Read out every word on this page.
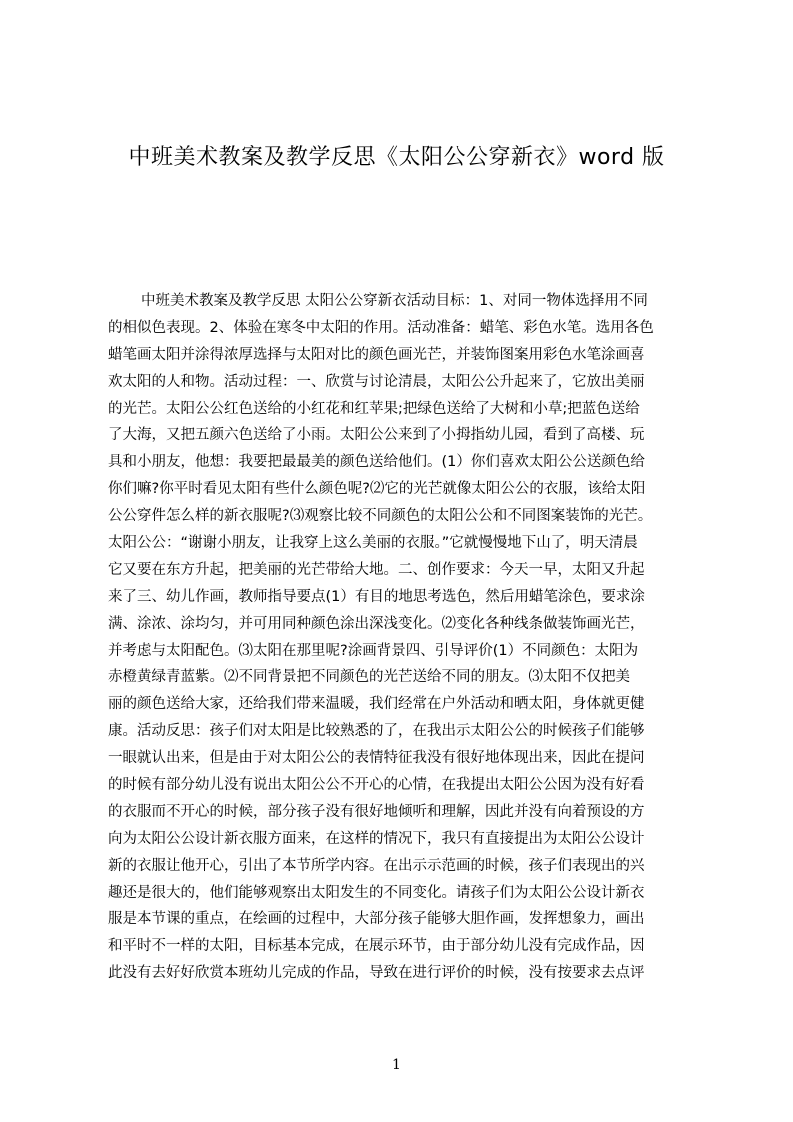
中班美术教案及教学反思《太阳公公穿新衣》word 版
中班美术教案及教学反思 太阳公公穿新衣活动目标：1、对同一物体选择用不同
的相似色表现。2、体验在寒冬中太阳的作用。活动准备：蜡笔、彩色水笔。选用各色
蜡笔画太阳并涂得浓厚选择与太阳对比的颜色画光芒，并装饰图案用彩色水笔涂画喜
欢太阳的人和物。活动过程：一、欣赏与讨论清晨，太阳公公升起来了，它放出美丽
的光芒。太阳公公红色送给的小红花和红苹果;把绿色送给了大树和小草;把蓝色送给
了大海，又把五颜六色送给了小雨。太阳公公来到了小拇指幼儿园，看到了高楼、玩
具和小朋友，他想：我要把最最美的颜色送给他们。(1）你们喜欢太阳公公送颜色给
你们嘛?你平时看见太阳有些什么颜色呢?⑵它的光芒就像太阳公公的衣服，该给太阳
公公穿件怎么样的新衣服呢?⑶观察比较不同颜色的太阳公公和不同图案装饰的光芒。
太阳公公：“谢谢小朋友，让我穿上这么美丽的衣服。”它就慢慢地下山了，明天清晨
它又要在东方升起，把美丽的光芒带给大地。二、创作要求：今天一早，太阳又升起
来了三、幼儿作画，教师指导要点(1）有目的地思考选色，然后用蜡笔涂色，要求涂
满、涂浓、涂均匀，并可用同种颜色涂出深浅变化。⑵变化各种线条做装饰画光芒，
并考虑与太阳配色。⑶太阳在那里呢?涂画背景四、引导评价(1）不同颜色：太阳为
赤橙黄绿青蓝紫。⑵不同背景把不同颜色的光芒送给不同的朋友。⑶太阳不仅把美
丽的颜色送给大家，还给我们带来温暖，我们经常在户外活动和晒太阳，身体就更健
康。活动反思：孩子们对太阳是比较熟悉的了，在我出示太阳公公的时候孩子们能够
一眼就认出来，但是由于对太阳公公的表情特征我没有很好地体现出来，因此在提问
的时候有部分幼儿没有说出太阳公公不开心的心情，在我提出太阳公公因为没有好看
的衣服而不开心的时候，部分孩子没有很好地倾听和理解，因此并没有向着预设的方
向为太阳公公设计新衣服方面来，在这样的情况下，我只有直接提出为太阳公公设计
新的衣服让他开心，引出了本节所学内容。在出示示范画的时候，孩子们表现出的兴
趣还是很大的，他们能够观察出太阳发生的不同变化。请孩子们为太阳公公设计新衣
服是本节课的重点，在绘画的过程中，大部分孩子能够大胆作画，发挥想象力，画出
和平时不一样的太阳，目标基本完成，在展示环节，由于部分幼儿没有完成作品，因
此没有去好好欣赏本班幼儿完成的作品，导致在进行评价的时候，没有按要求去点评
1
